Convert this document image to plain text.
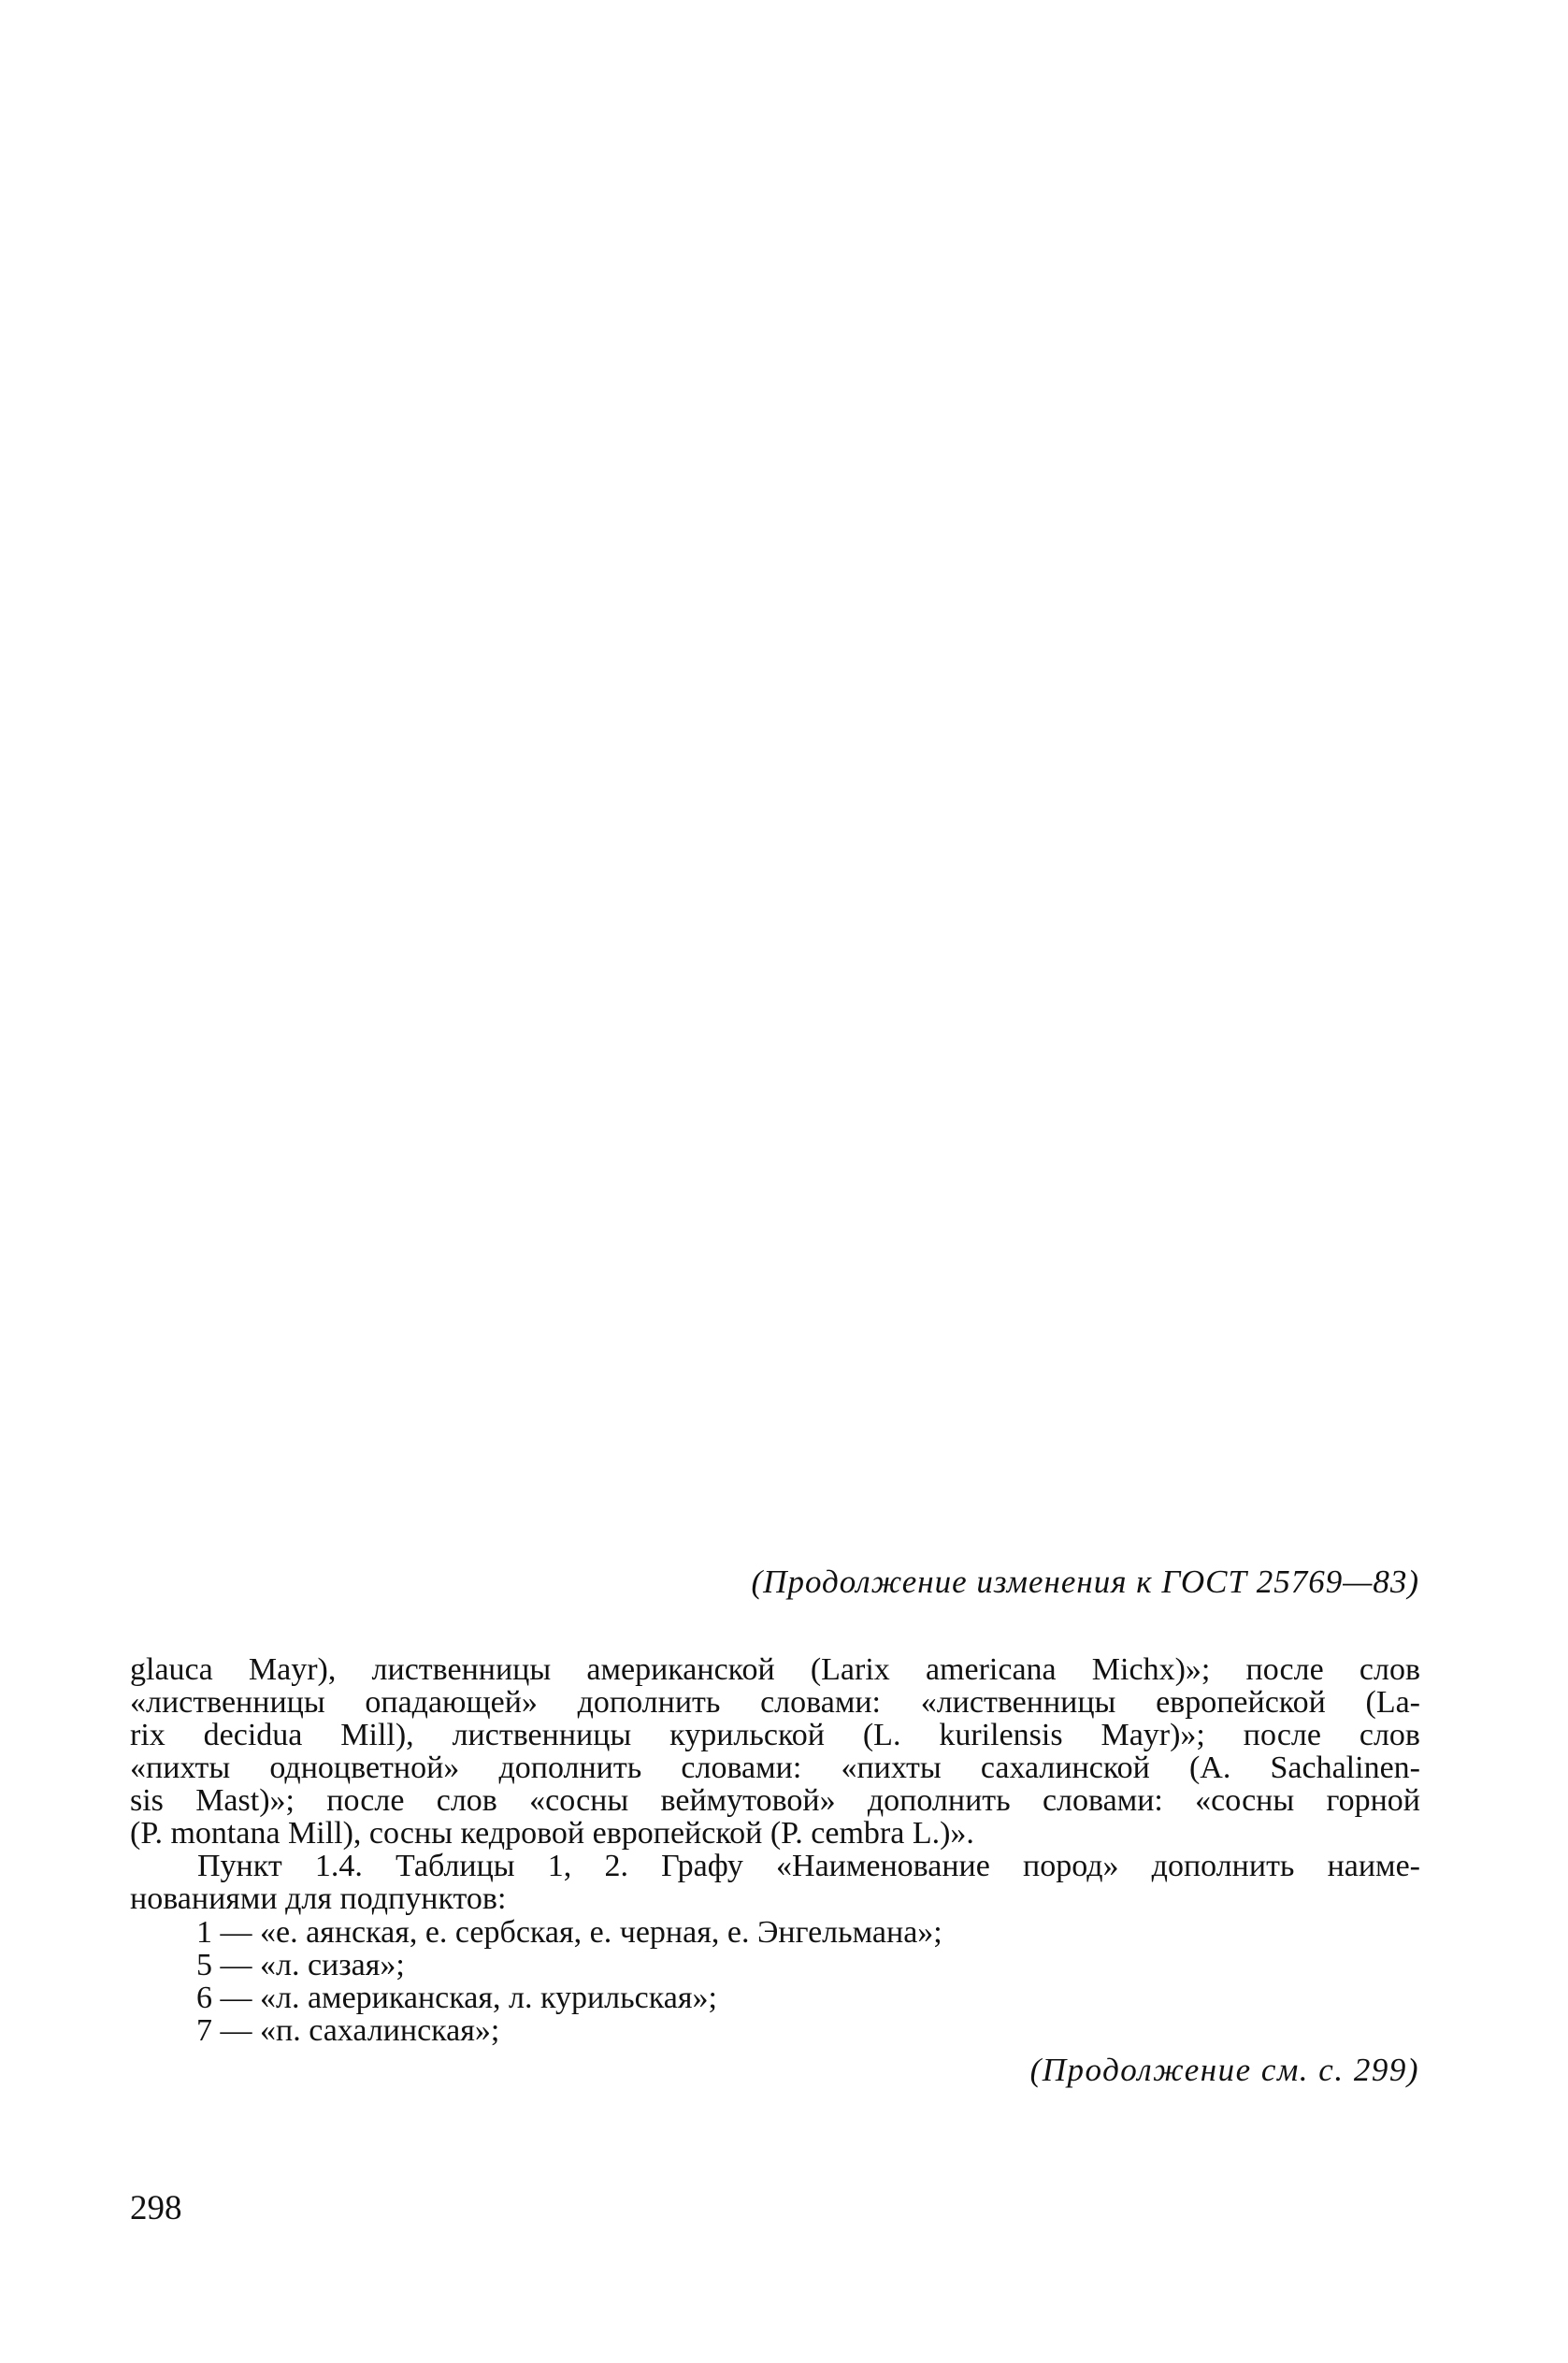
(Продолжение изменения к ГОСТ 25769—83)
glauca Mayr), лиственницы американской (Larix americana Michx)»; после слов
«лиственницы опадающей» дополнить словами: «лиственницы европейской (La-
rix decidua Mill), лиственницы курильской (L. kurilensis Mayr)»; после слов
«пихты одноцветной» дополнить словами: «пихты сахалинской (A. Sachalinen-
sis Mast)»; после слов «сосны веймутовой» дополнить словами: «сосны горной
(P. montana Mill), сосны кедровой европейской (P. cembra L.)».
Пункт 1.4. Таблицы 1, 2. Графу «Наименование пород» дополнить наиме-
нованиями для подпунктов:
1 — «е. аянская, е. сербская, е. черная, е. Энгельмана»;
5 — «л. сизая»;
6 — «л. американская, л. курильская»;
7 — «п. сахалинская»;
(Продолжение см. с. 299)
298
